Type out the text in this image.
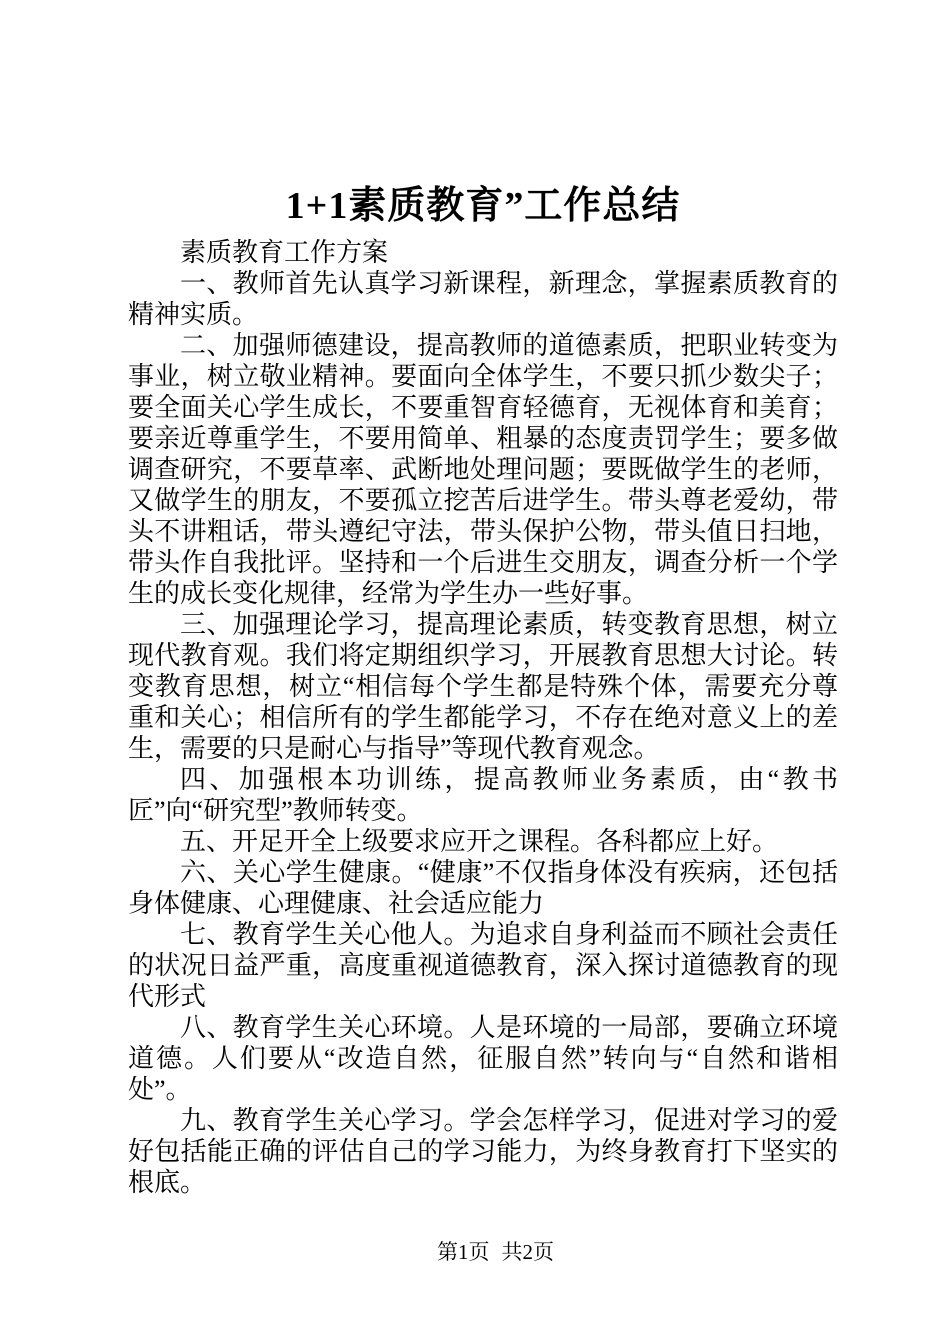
1+1素质教育”工作总结

素质教育工作方案

一、教师首先认真学习新课程，新理念，掌握素质教育的精神实质。

二、加强师德建设，提高教师的道德素质，把职业转变为事业，树立敬业精神。要面向全体学生，不要只抓少数尖子；要全面关心学生成长，不要重智育轻德育，无视体育和美育；要亲近尊重学生，不要用简单、粗暴的态度责罚学生；要多做调查研究，不要草率、武断地处理问题；要既做学生的老师，又做学生的朋友，不要孤立挖苦后进学生。带头尊老爱幼，带头不讲粗话，带头遵纪守法，带头保护公物，带头值日扫地，带头作自我批评。坚持和一个后进生交朋友，调查分析一个学生的成长变化规律，经常为学生办一些好事。

三、加强理论学习，提高理论素质，转变教育思想，树立现代教育观。我们将定期组织学习，开展教育思想大讨论。转变教育思想，树立“相信每个学生都是特殊个体，需要充分尊重和关心；相信所有的学生都能学习，不存在绝对意义上的差生，需要的只是耐心与指导”等现代教育观念。

四、加强根本功训练，提高教师业务素质，由“教书匠”向“研究型”教师转变。

五、开足开全上级要求应开之课程。各科都应上好。

六、关心学生健康。“健康”不仅指身体没有疾病，还包括身体健康、心理健康、社会适应能力

七、教育学生关心他人。为追求自身利益而不顾社会责任的状况日益严重，高度重视道德教育，深入探讨道德教育的现代形式

八、教育学生关心环境。人是环境的一局部，要确立环境道德。人们要从“改造自然，征服自然”转向与“自然和谐相处”。

九、教育学生关心学习。学会怎样学习，促进对学习的爱好包括能正确的评估自己的学习能力，为终身教育打下坚实的根底。

第1页 共2页
